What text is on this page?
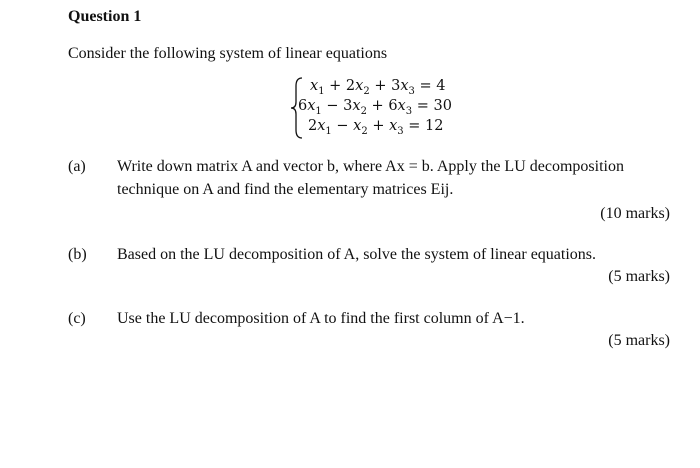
Question 1
Consider the following system of linear equations
$x_1 + 2x_2 + 3x_3 = 4$
$6x_1 - 3x_2 + 6x_3 = 30$
$2x_1 - x_2 + x_3 = 12$
(a) Write down matrix A and vector b, where Ax = b. Apply the LU decomposition
technique on A and find the elementary matrices Eij.
(10 marks)
(b) Based on the LU decomposition of A, solve the system of linear equations.
(5 marks)
(c) Use the LU decomposition of A to find the first column of A−1.
(5 marks)
